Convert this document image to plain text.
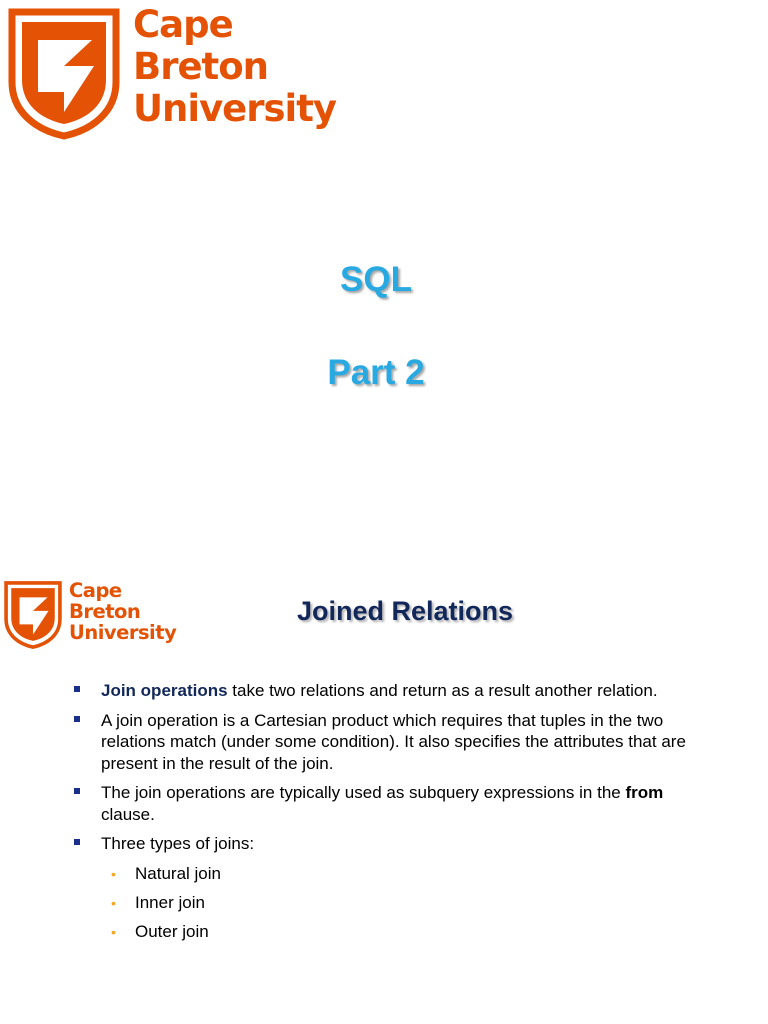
Cape
Breton
University
SQL
Part 2
Cape
Breton
University
Joined Relations
Join operations take two relations and return as a result another relation.
A join operation is a Cartesian product which requires that tuples in the two relations match (under some condition). It also specifies the attributes that are present in the result of the join.
The join operations are typically used as subquery expressions in the from clause.
Three types of joins:
• Natural join
• Inner join
• Outer join
